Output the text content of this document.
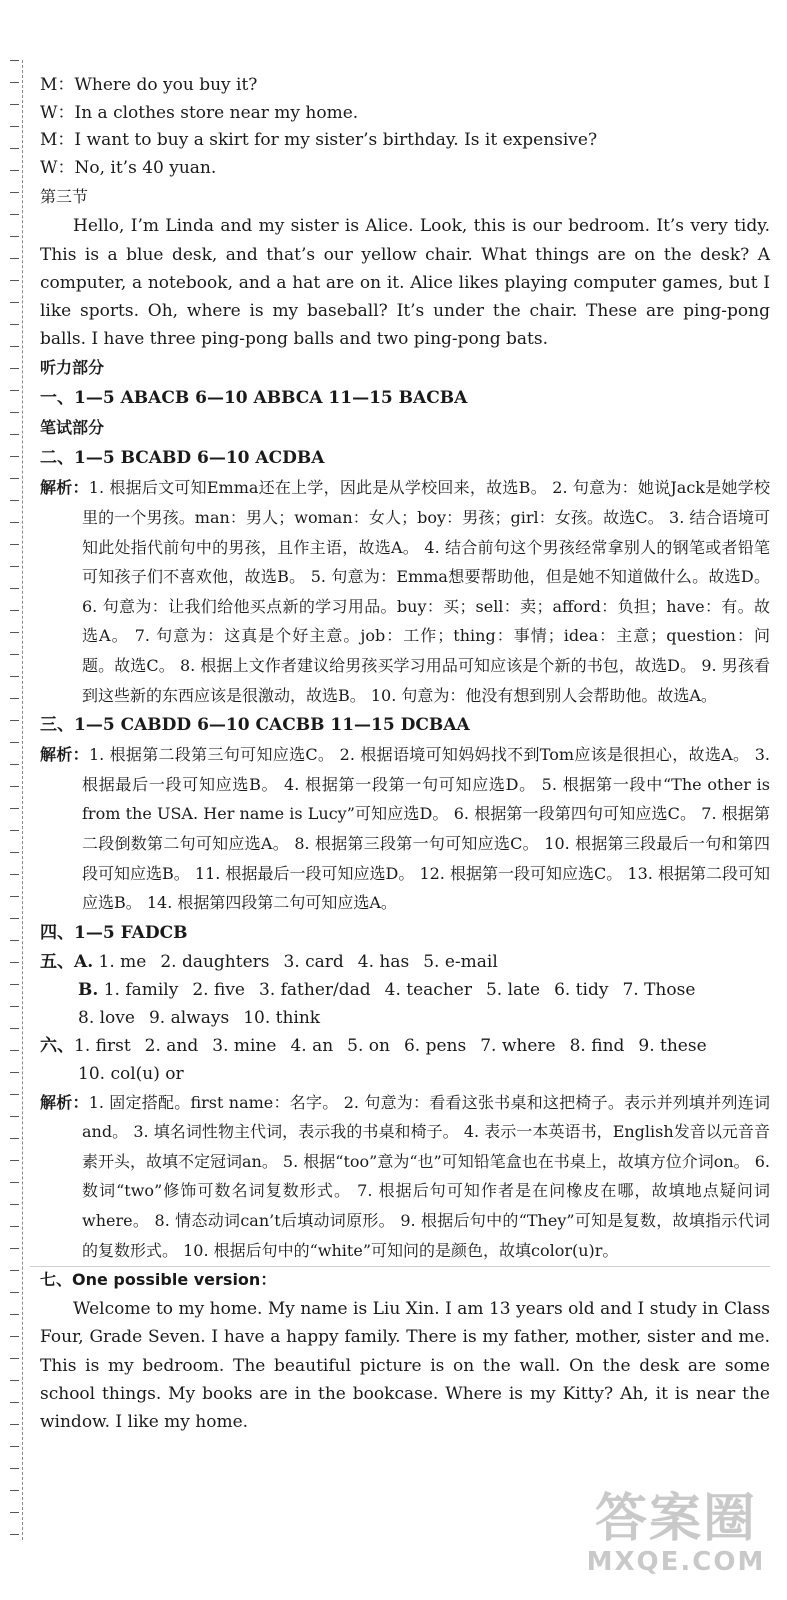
M：Where do you buy it?
W：In a clothes store near my home.
M：I want to buy a skirt for my sister’s birthday. Is it expensive?
W：No, it’s 40 yuan.
第三节
Hello, I’m Linda and my sister is Alice. Look, this is our bedroom. It’s very tidy. This is a blue desk, and that’s our yellow chair. What things are on the desk? A computer, a notebook, and a hat are on it. Alice likes playing computer games, but I like sports. Oh, where is my baseball? It’s under the chair. These are ping-pong balls. I have three ping-pong balls and two ping-pong bats.
听力部分
一、1—5 ABACB 6—10 ABBCA 11—15 BACBA
笔试部分
二、1—5 BCABD 6—10 ACDBA
解析：1. 根据后文可知Emma还在上学，因此是从学校回来，故选B。 2. 句意为：她说Jack是她学校里的一个男孩。man：男人；woman：女人；boy：男孩；girl：女孩。故选C。 3. 结合语境可知此处指代前句中的男孩，且作主语，故选A。 4. 结合前句这个男孩经常拿别人的钢笔或者铅笔可知孩子们不喜欢他，故选B。 5. 句意为：Emma想要帮助他，但是她不知道做什么。故选D。 6. 句意为：让我们给他买点新的学习用品。buy：买；sell：卖；afford：负担；have：有。故选A。 7. 句意为：这真是个好主意。job：工作；thing：事情；idea：主意；question：问题。故选C。 8. 根据上文作者建议给男孩买学习用品可知应该是个新的书包，故选D。 9. 男孩看到这些新的东西应该是很激动，故选B。 10. 句意为：他没有想到别人会帮助他。故选A。
三、1—5 CABDD 6—10 CACBB 11—15 DCBAA
解析：1. 根据第二段第三句可知应选C。 2. 根据语境可知妈妈找不到Tom应该是很担心，故选A。 3. 根据最后一段可知应选B。 4. 根据第一段第一句可知应选D。 5. 根据第一段中“The other is from the USA. Her name is Lucy”可知应选D。 6. 根据第一段第四句可知应选C。 7. 根据第二段倒数第二句可知应选A。 8. 根据第三段第一句可知应选C。 10. 根据第三段最后一句和第四段可知应选B。 11. 根据最后一段可知应选D。 12. 根据第一段可知应选C。 13. 根据第二段可知应选B。 14. 根据第四段第二句可知应选A。
四、1—5 FADCB
五、A. 1. me 2. daughters 3. card 4. has 5. e-mail
B. 1. family 2. five 3. father/dad 4. teacher 5. late 6. tidy 7. Those
8. love 9. always 10. think
六、1. first 2. and 3. mine 4. an 5. on 6. pens 7. where 8. find 9. these
10. col(u) or
解析：1. 固定搭配。first name：名字。 2. 句意为：看看这张书桌和这把椅子。表示并列填并列连词and。 3. 填名词性物主代词，表示我的书桌和椅子。 4. 表示一本英语书，English发音以元音音素开头，故填不定冠词an。 5. 根据“too”意为“也”可知铅笔盒也在书桌上，故填方位介词on。 6. 数词“two”修饰可数名词复数形式。 7. 根据后句可知作者是在问橡皮在哪，故填地点疑问词where。 8. 情态动词can’t后填动词原形。 9. 根据后句中的“They”可知是复数，故填指示代词的复数形式。 10. 根据后句中的“white”可知问的是颜色，故填color(u)r。
七、One possible version：
Welcome to my home. My name is Liu Xin. I am 13 years old and I study in Class Four, Grade Seven. I have a happy family. There is my father, mother, sister and me. This is my bedroom. The beautiful picture is on the wall. On the desk are some school things. My books are in the bookcase. Where is my Kitty? Ah, it is near the window. I like my home.
答案圈
MXQE.COM
